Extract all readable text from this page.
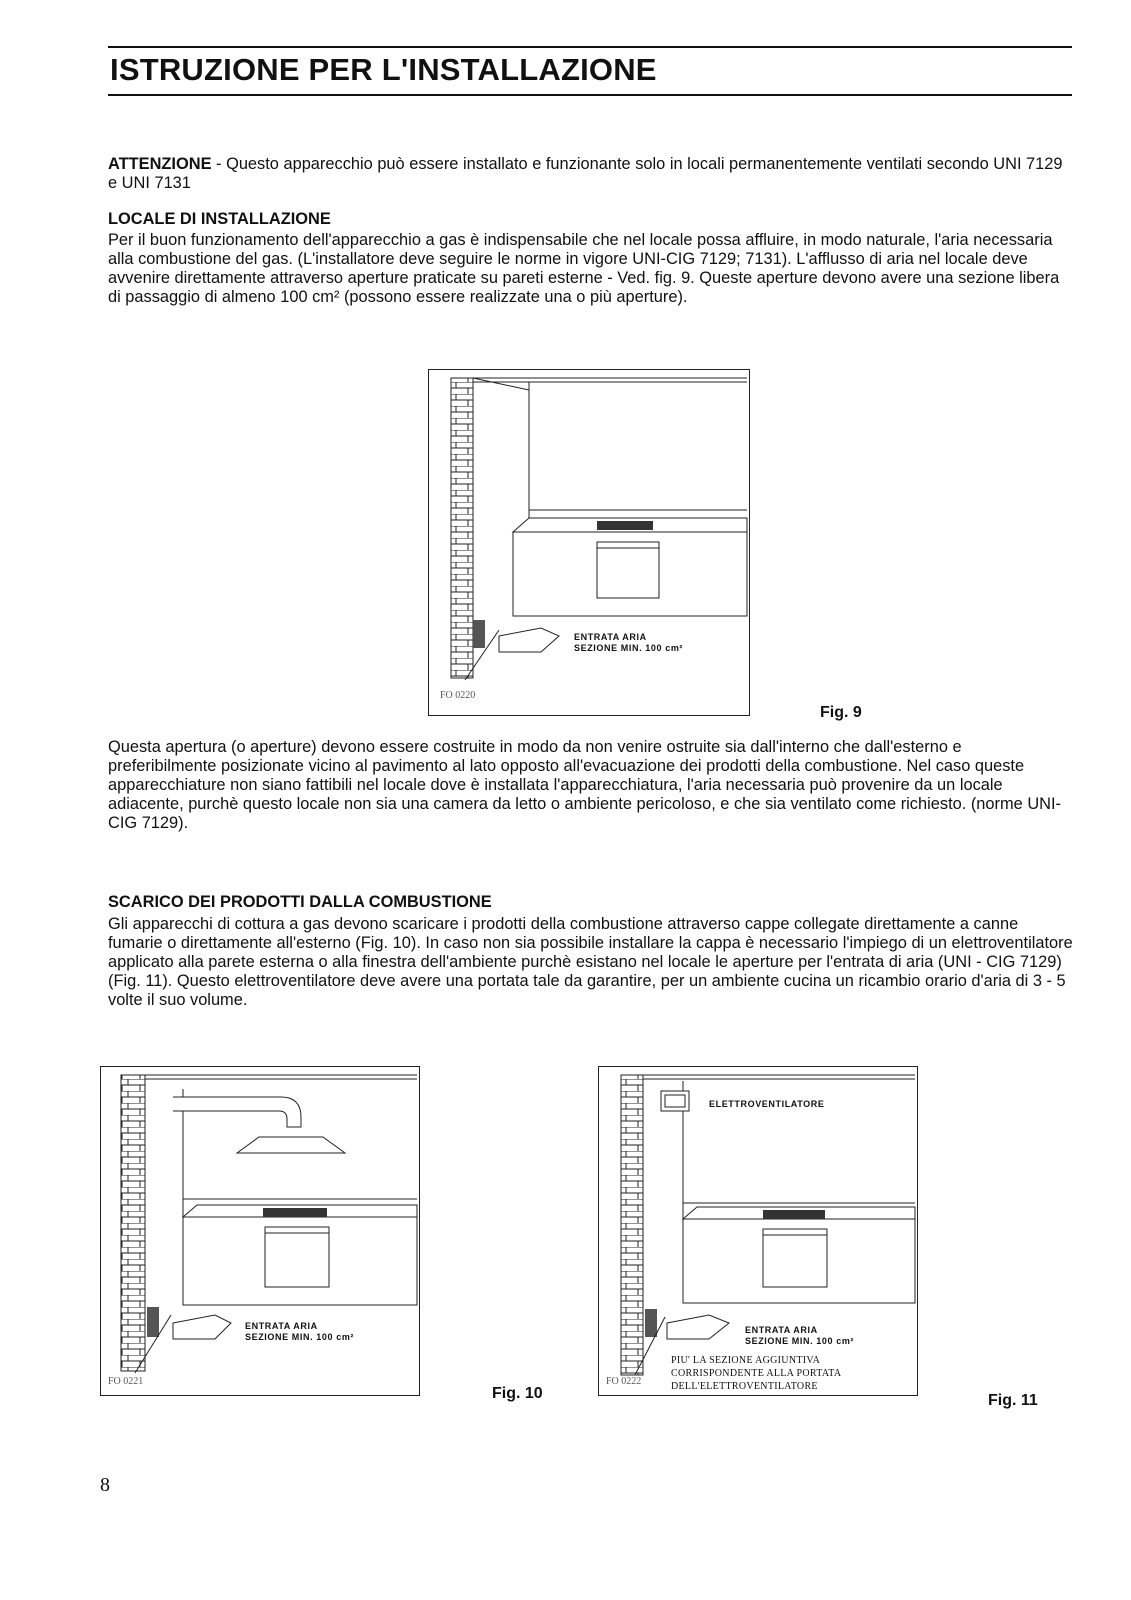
ISTRUZIONE PER L'INSTALLAZIONE

ATTENZIONE - Questo apparecchio può essere installato e funzionante solo in locali permanentemente ventilati secondo UNI 7129 e UNI 7131

LOCALE DI INSTALLAZIONE

Per il buon funzionamento dell'apparecchio a gas è indispensabile che nel locale possa affluire, in modo naturale, l'aria necessaria alla combustione del gas. (L'installatore deve seguire le norme in vigore UNI-CIG 7129; 7131). L'afflusso di aria nel locale deve avvenire direttamente attraverso aperture praticate su pareti esterne - Ved. fig. 9. Queste aperture devono avere una sezione libera di passaggio di almeno 100 cm² (possono essere realizzate una o più aperture).

ENTRATA ARIA
SEZIONE MIN. 100 cm²
FO 0220
Fig. 9

Questa apertura (o aperture) devono essere costruite in modo da non venire ostruite sia dall'interno che dall'esterno e preferibilmente posizionate vicino al pavimento al lato opposto all'evacuazione dei prodotti della combustione. Nel caso queste apparecchiature non siano fattibili nel locale dove è installata l'apparecchiatura, l'aria necessaria può provenire da un locale adiacente, purchè questo locale non sia una camera da letto o ambiente pericoloso, e che sia ventilato come richiesto. (norme UNI- CIG 7129).

SCARICO DEI PRODOTTI DALLA COMBUSTIONE

Gli apparecchi di cottura a gas devono scaricare i prodotti della combustione attraverso cappe collegate direttamente a canne fumarie o direttamente all'esterno (Fig. 10). In caso non sia possibile installare la cappa è necessario l'impiego di un elettroventilatore applicato alla parete esterna o alla finestra dell'ambiente purchè esistano nel locale le aperture per l'entrata di aria (UNI - CIG 7129) (Fig. 11). Questo elettroventilatore deve avere una portata tale da garantire, per un ambiente cucina un ricambio orario d'aria di 3 - 5 volte il suo volume.

ENTRATA ARIA
SEZIONE MIN. 100 cm²
FO 0221
Fig. 10
ELETTROVENTILATORE
ENTRATA ARIA
SEZIONE MIN. 100 cm²
PIU' LA SEZIONE AGGIUNTIVA
CORRISPONDENTE ALLA PORTATA
DELL'ELETTROVENTILATORE
FO 0222
Fig. 11
8
